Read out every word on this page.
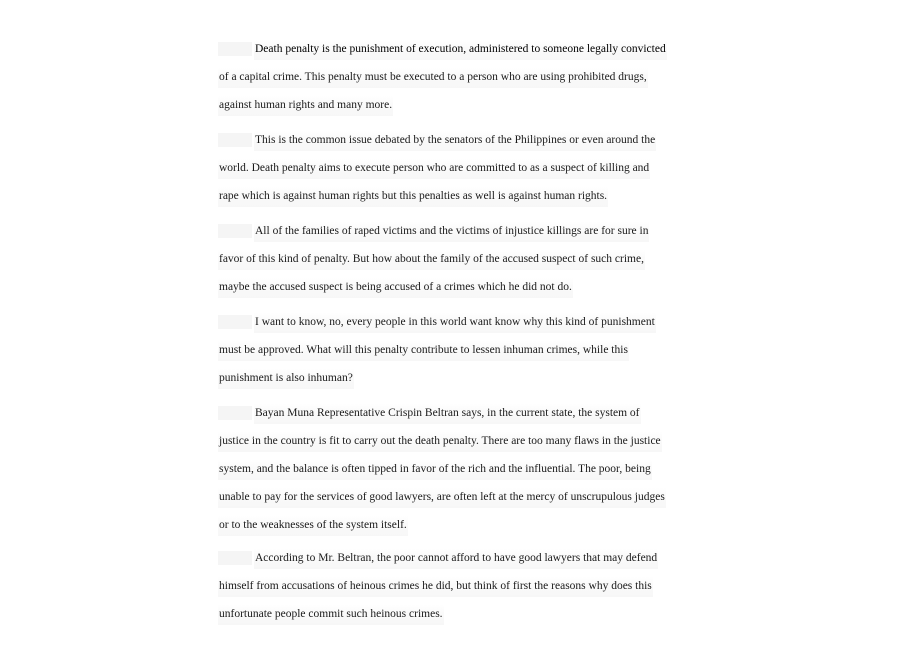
Death penalty is the punishment of execution, administered to someone legally convicted
of a capital crime. This penalty must be executed to a person who are using prohibited drugs,
against human rights and many more.
This is the common issue debated by the senators of the Philippines or even around the
world. Death penalty aims to execute person who are committed to as a suspect of killing and
rape which is against human rights but this penalties as well is against human rights.
All of the families of raped victims and the victims of injustice killings are for sure in
favor of this kind of penalty. But how about the family of the accused suspect of such crime,
maybe the accused suspect is being accused of a crimes which he did not do.
I want to know, no, every people in this world want know why this kind of punishment
must be approved. What will this penalty contribute to lessen inhuman crimes, while this
punishment is also inhuman?
Bayan Muna Representative Crispin Beltran says, in the current state, the system of
justice in the country is fit to carry out the death penalty. There are too many flaws in the justice
system, and the balance is often tipped in favor of the rich and the influential. The poor, being
unable to pay for the services of good lawyers, are often left at the mercy of unscrupulous judges
or to the weaknesses of the system itself.
According to Mr. Beltran, the poor cannot afford to have good lawyers that may defend
himself from accusations of heinous crimes he did, but think of first the reasons why does this
unfortunate people commit such heinous crimes.
